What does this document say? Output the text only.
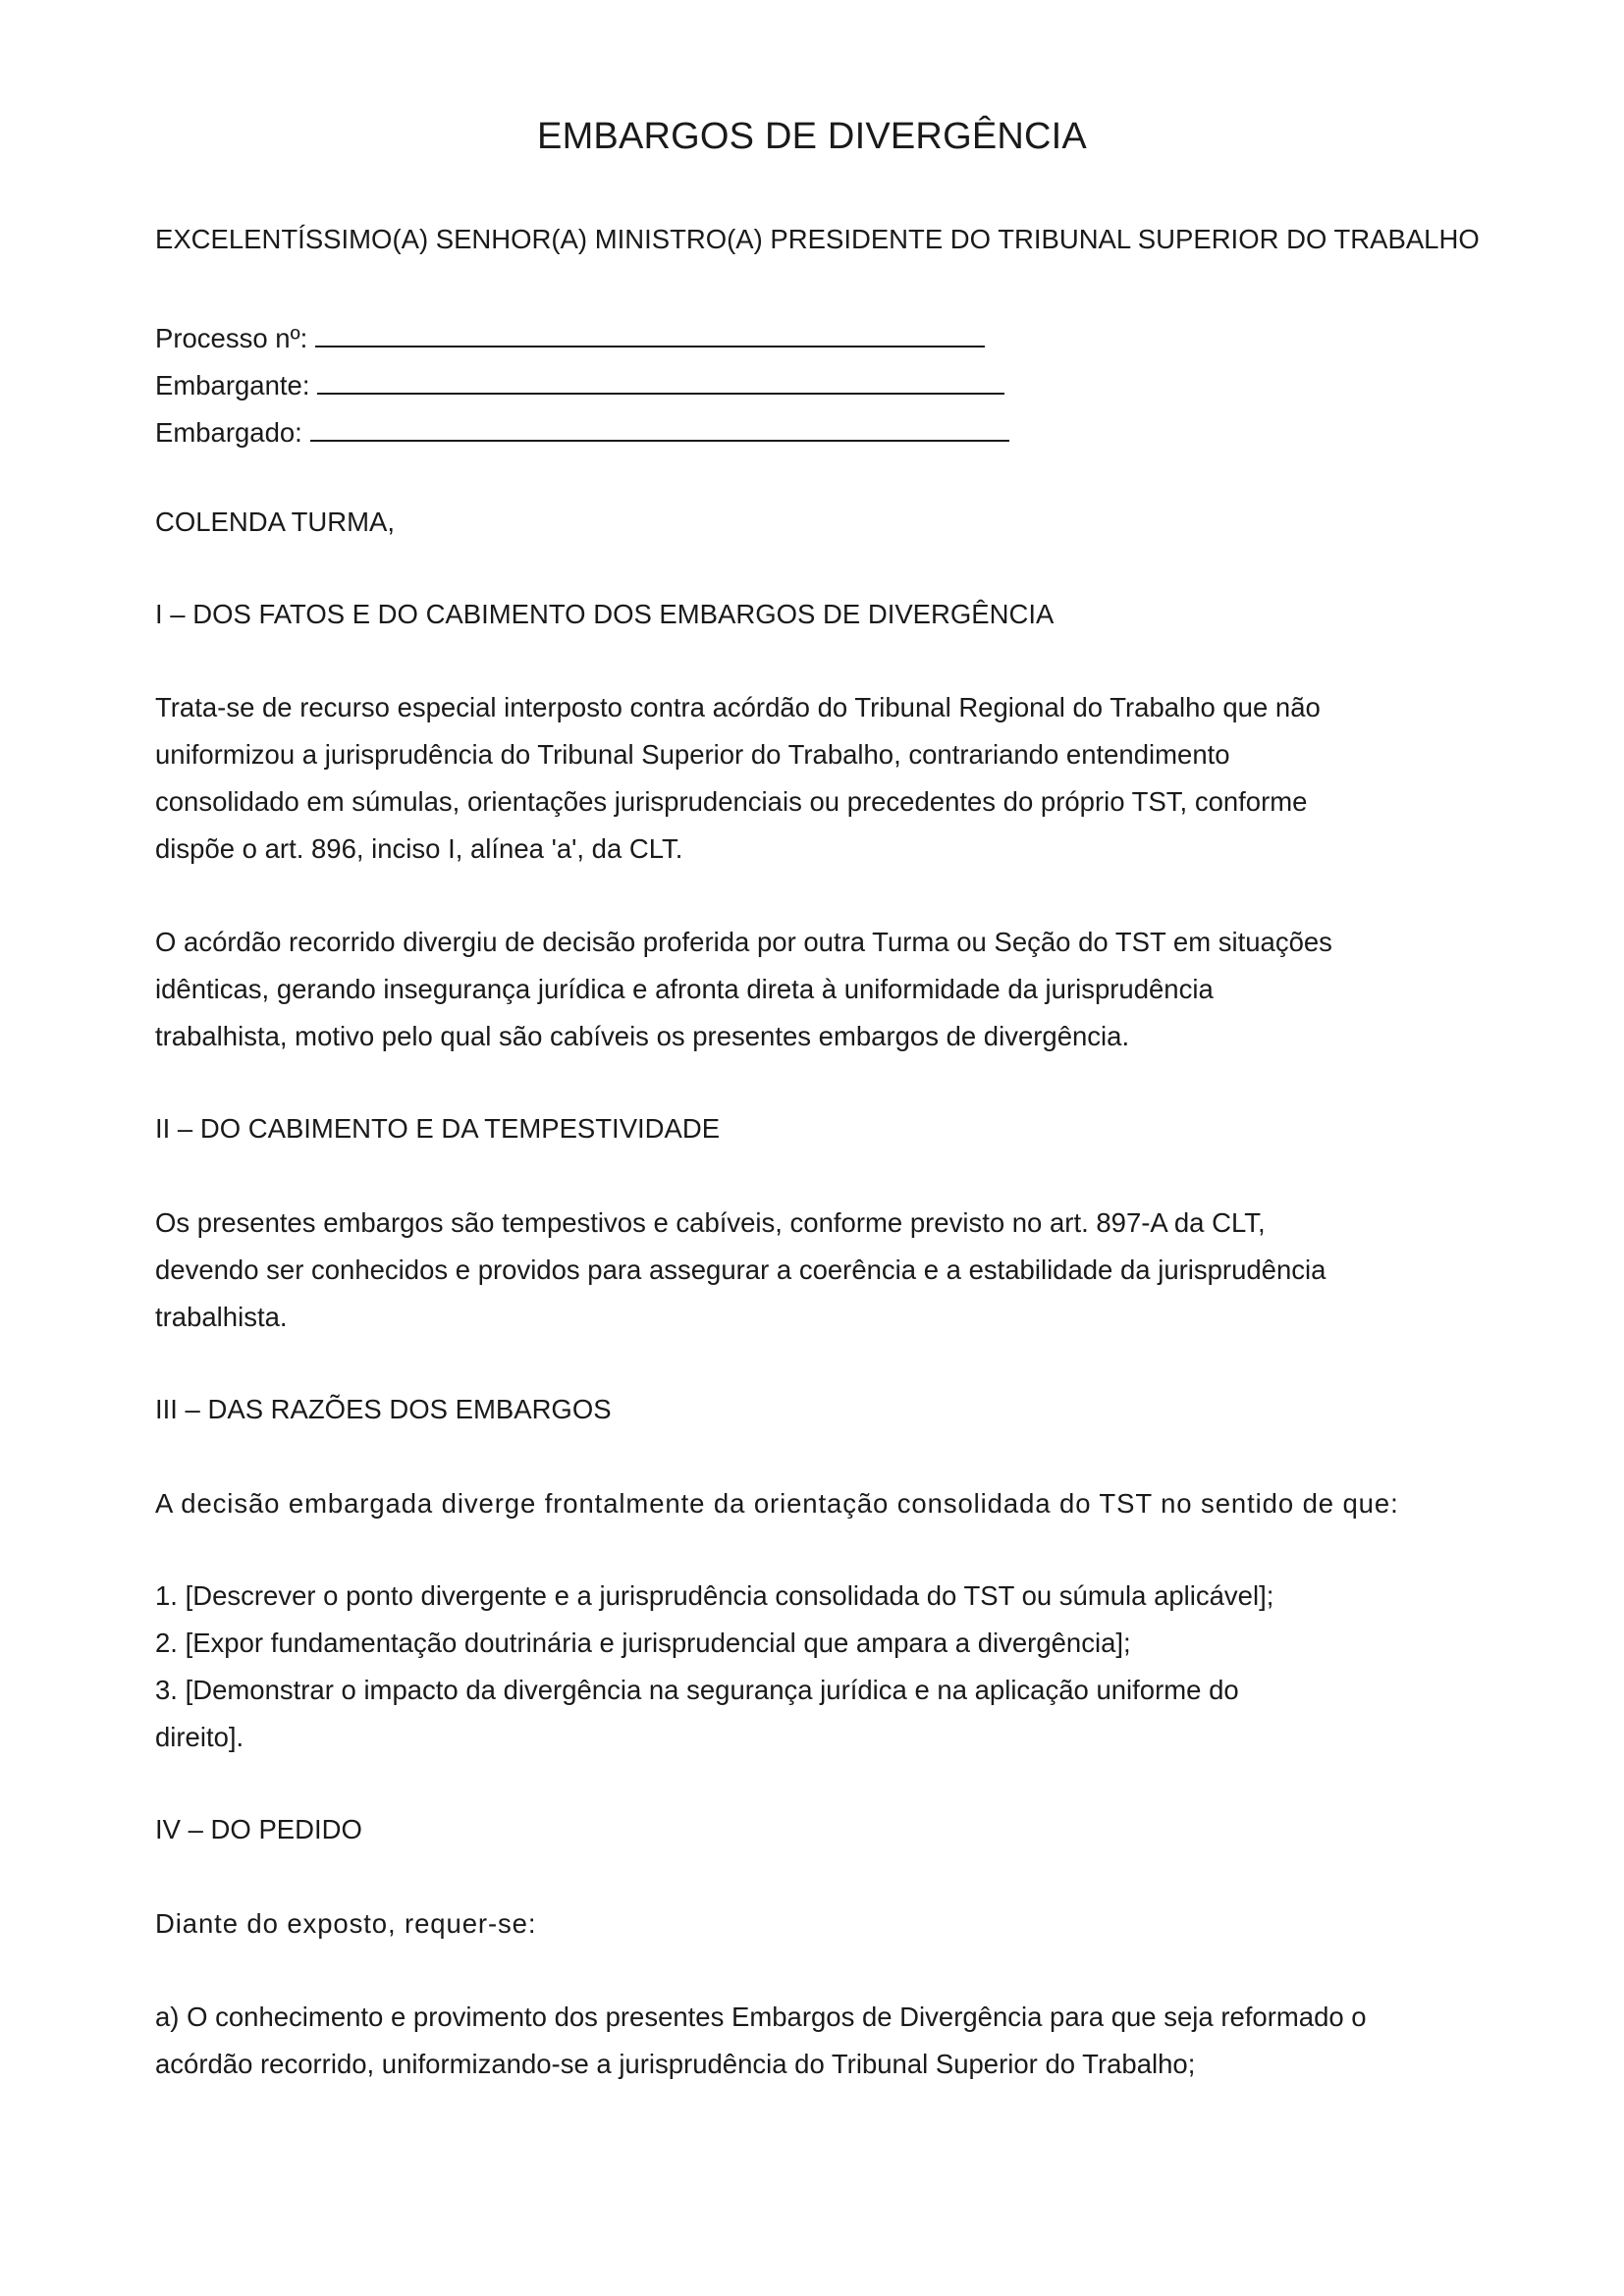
EMBARGOS DE DIVERGÊNCIA
EXCELENTÍSSIMO(A) SENHOR(A) MINISTRO(A) PRESIDENTE DO TRIBUNAL SUPERIOR DO TRABALHO
Processo nº:
Embargante:
Embargado:
COLENDA TURMA,
I – DOS FATOS E DO CABIMENTO DOS EMBARGOS DE DIVERGÊNCIA
Trata-se de recurso especial interposto contra acórdão do Tribunal Regional do Trabalho que não
uniformizou a jurisprudência do Tribunal Superior do Trabalho, contrariando entendimento
consolidado em súmulas, orientações jurisprudenciais ou precedentes do próprio TST, conforme
dispõe o art. 896, inciso I, alínea 'a', da CLT.
O acórdão recorrido divergiu de decisão proferida por outra Turma ou Seção do TST em situações
idênticas, gerando insegurança jurídica e afronta direta à uniformidade da jurisprudência
trabalhista, motivo pelo qual são cabíveis os presentes embargos de divergência.
II – DO CABIMENTO E DA TEMPESTIVIDADE
Os presentes embargos são tempestivos e cabíveis, conforme previsto no art. 897-A da CLT,
devendo ser conhecidos e providos para assegurar a coerência e a estabilidade da jurisprudência
trabalhista.
III – DAS RAZÕES DOS EMBARGOS
A decisão embargada diverge frontalmente da orientação consolidada do TST no sentido de que:
1. [Descrever o ponto divergente e a jurisprudência consolidada do TST ou súmula aplicável];
2. [Expor fundamentação doutrinária e jurisprudencial que ampara a divergência];
3. [Demonstrar o impacto da divergência na segurança jurídica e na aplicação uniforme do
direito].
IV – DO PEDIDO
Diante do exposto, requer-se:
a) O conhecimento e provimento dos presentes Embargos de Divergência para que seja reformado o
acórdão recorrido, uniformizando-se a jurisprudência do Tribunal Superior do Trabalho;
